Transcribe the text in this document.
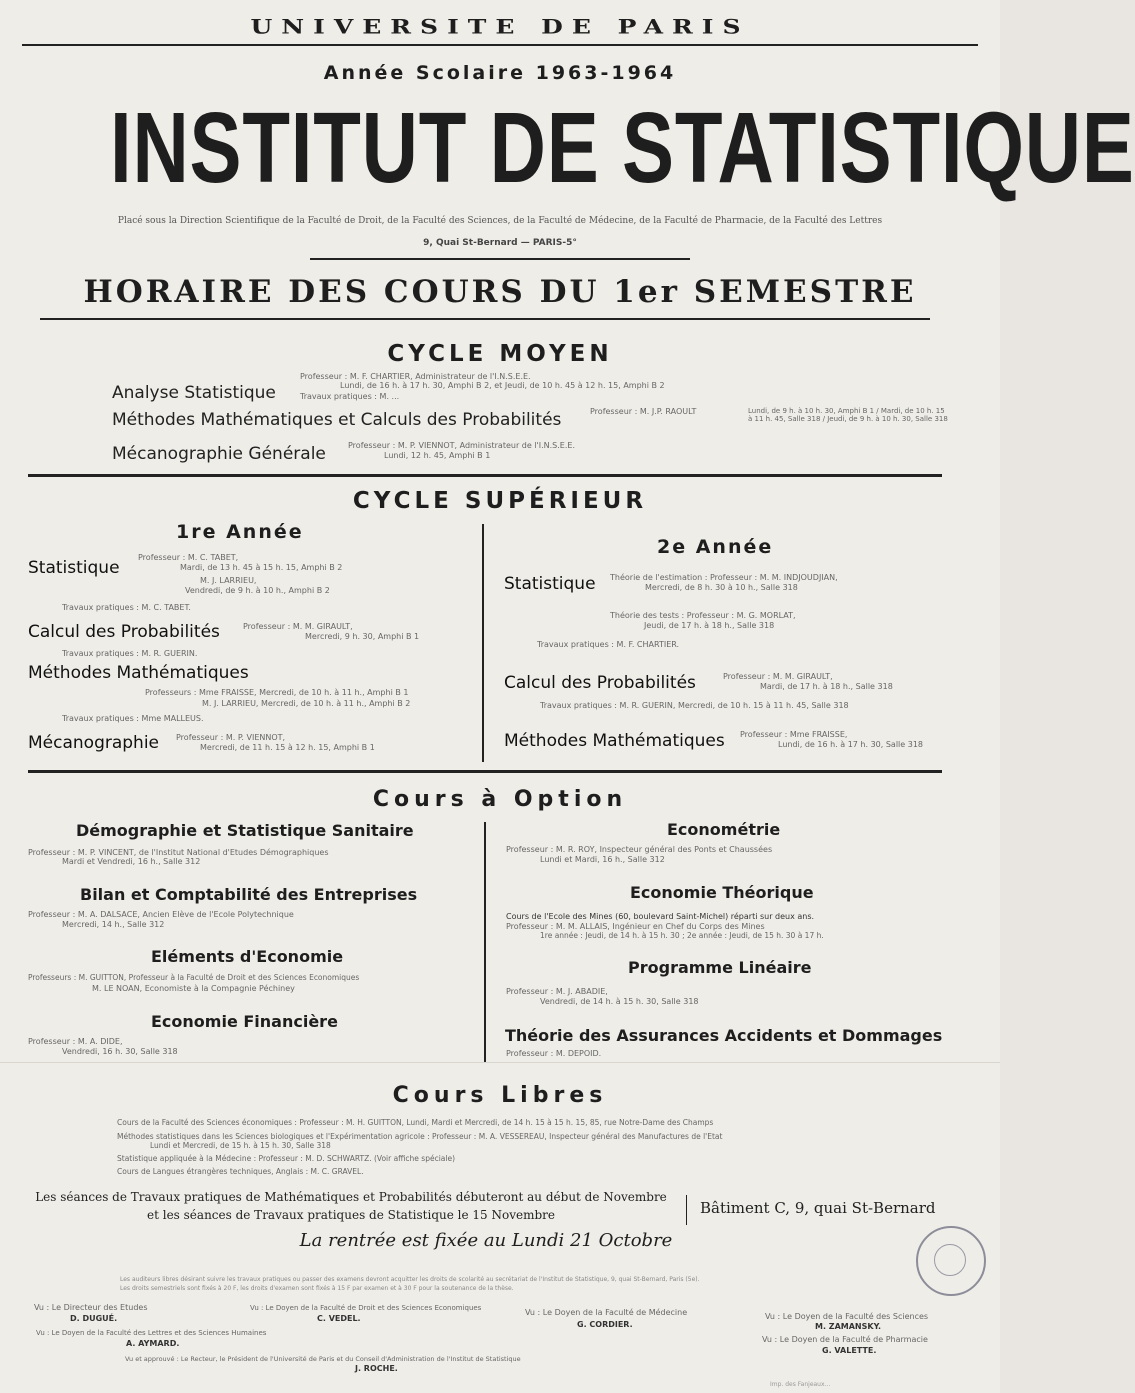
UNIVERSITE DE PARIS
Année Scolaire 1963-1964
INSTITUT DE STATISTIQUE
Placé sous la Direction Scientifique de la Faculté de Droit, de la Faculté des Sciences, de la Faculté de Médecine, de la Faculté de Pharmacie, de la Faculté des Lettres
9, Quai St-Bernard — PARIS-5°
HORAIRE DES COURS DU 1er SEMESTRE
CYCLE MOYEN
Analyse Statistique
Professeur : M. F. CHARTIER, Administrateur de l'I.N.S.E.E.
Lundi, de 16 h. à 17 h. 30, Amphi B 2, et Jeudi, de 10 h. 45 à 12 h. 15, Amphi B 2
Travaux pratiques : M. ...
Méthodes Mathématiques et Calculs des Probabilités	Professeur : M. J.P. RAOULT	Lundi, de 9 h. à 10 h. 30, Amphi B 1 / Mardi, de 10 h. 15 à 11 h. 45, Salle 318 / Jeudi, de 9 h. à 10 h. 30, Salle 318
Mécanographie Générale	Professeur : M. P. VIENNOT, Administrateur de l'I.N.S.E.E.
Lundi, 12 h. 45, Amphi B 1
CYCLE SUPÉRIEUR
1re Année
Statistique
Professeur : M. C. TABET,
Mardi, de 13 h. 45 à 15 h. 15, Amphi B 2
M. J. LARRIEU,
Vendredi, de 9 h. à 10 h., Amphi B 2
Travaux pratiques : M. C. TABET.
Calcul des Probabilités	Professeur : M. M. GIRAULT,
Mercredi, 9 h. 30, Amphi B 1
Travaux pratiques : M. R. GUERIN.
Méthodes Mathématiques
Professeurs : Mme FRAISSE, Mercredi, de 10 h. à 11 h., Amphi B 1
M. J. LARRIEU, Mercredi, de 10 h. à 11 h., Amphi B 2
Travaux pratiques : Mme MALLEUS.
Mécanographie Professeur : M. P. VIENNOT,
Mercredi, de 11 h. 15 à 12 h. 15, Amphi B 1
2e Année
Statistique Théorie de l'estimation : Professeur : M. M. INDJOUDJIAN,
Mercredi, de 8 h. 30 à 10 h., Salle 318
Théorie des tests : Professeur : M. G. MORLAT,
Jeudi, de 17 h. à 18 h., Salle 318
Travaux pratiques : M. F. CHARTIER.
Calcul des Probabilités	Professeur : M. M. GIRAULT,
Mardi, de 17 h. à 18 h., Salle 318
Travaux pratiques : M. R. GUERIN, Mercredi, de 10 h. 15 à 11 h. 45, Salle 318
Méthodes Mathématiques Professeur : Mme FRAISSE,
Lundi, de 16 h. à 17 h. 30, Salle 318
Cours à Option
Démographie et Statistique Sanitaire
Professeur : M. P. VINCENT, de l'Institut National d'Etudes Démographiques
Mardi et Vendredi, 16 h., Salle 312
Bilan et Comptabilité des Entreprises
Professeur : M. A. DALSACE, Ancien Elève de l'Ecole Polytechnique
Mercredi, 14 h., Salle 312
Eléments d'Economie
Professeurs : M. GUITTON, Professeur à la Faculté de Droit et des Sciences Economiques
M. LE NOAN, Economiste à la Compagnie Péchiney
Economie Financière
Professeur : M. A. DIDE,
Vendredi, 16 h. 30, Salle 318
Econométrie
Professeur : M. R. ROY, Inspecteur général des Ponts et Chaussées
Lundi et Mardi, 16 h., Salle 312
Economie Théorique
Cours de l'Ecole des Mines (60, boulevard Saint-Michel) réparti sur deux ans.
Professeur : M. M. ALLAIS, Ingénieur en Chef du Corps des Mines
1re année : Jeudi, de 14 h. à 15 h. 30 ; 2e année : Jeudi, de 15 h. 30 à 17 h.
Programme Linéaire
Professeur : M. J. ABADIE,
Vendredi, de 14 h. à 15 h. 30, Salle 318
Théorie des Assurances Accidents et Dommages
Professeur : M. DEPOID.
Cours Libres
Cours de la Faculté des Sciences économiques : Professeur : M. H. GUITTON, Lundi, Mardi et Mercredi, de 14 h. 15 à 15 h. 15, 85, rue Notre-Dame des Champs
Méthodes statistiques dans les Sciences biologiques et l'Expérimentation agricole : Professeur : M. A. VESSEREAU, Inspecteur général des Manufactures de l'Etat
Lundi et Mercredi, de 15 h. à 15 h. 30, Salle 318
Statistique appliquée à la Médecine : Professeur : M. D. SCHWARTZ. (Voir affiche spéciale)
Cours de Langues étrangères techniques, Anglais : M. C. GRAVEL.
Les séances de Travaux pratiques de Mathématiques et Probabilités débuteront au début de Novembre
et les séances de Travaux pratiques de Statistique le 15 Novembre	Bâtiment C, 9, quai St-Bernard
La rentrée est fixée au Lundi 21 Octobre
Les auditeurs libres désirant suivre les travaux pratiques ou passer des examens devront acquitter les droits de scolarité au secrétariat de l'Institut de Statistique, 9, quai St-Bernard, Paris (5e).
Les droits semestriels sont fixés à 20 F, les droits d'examen sont fixés à 15 F par examen et à 30 F pour la soutenance de la thèse.
Vu : Le Directeur des Etudes
D. DUGUÉ.
Vu : Le Doyen de la Faculté de Droit et des Sciences Economiques
C. VEDEL.
Vu : Le Doyen de la Faculté de Médecine
G. CORDIER.
Vu : Le Doyen de la Faculté des Sciences
M. ZAMANSKY.
Vu : Le Doyen de la Faculté des Lettres et des Sciences Humaines
A. AYMARD.	Vu : Le Doyen de la Faculté de Pharmacie
G. VALETTE.
Vu et approuvé : Le Recteur, le Président de l'Université de Paris et du Conseil d'Administration de l'Institut de Statistique
J. ROCHE.
Imp. des Fanjeaux...
